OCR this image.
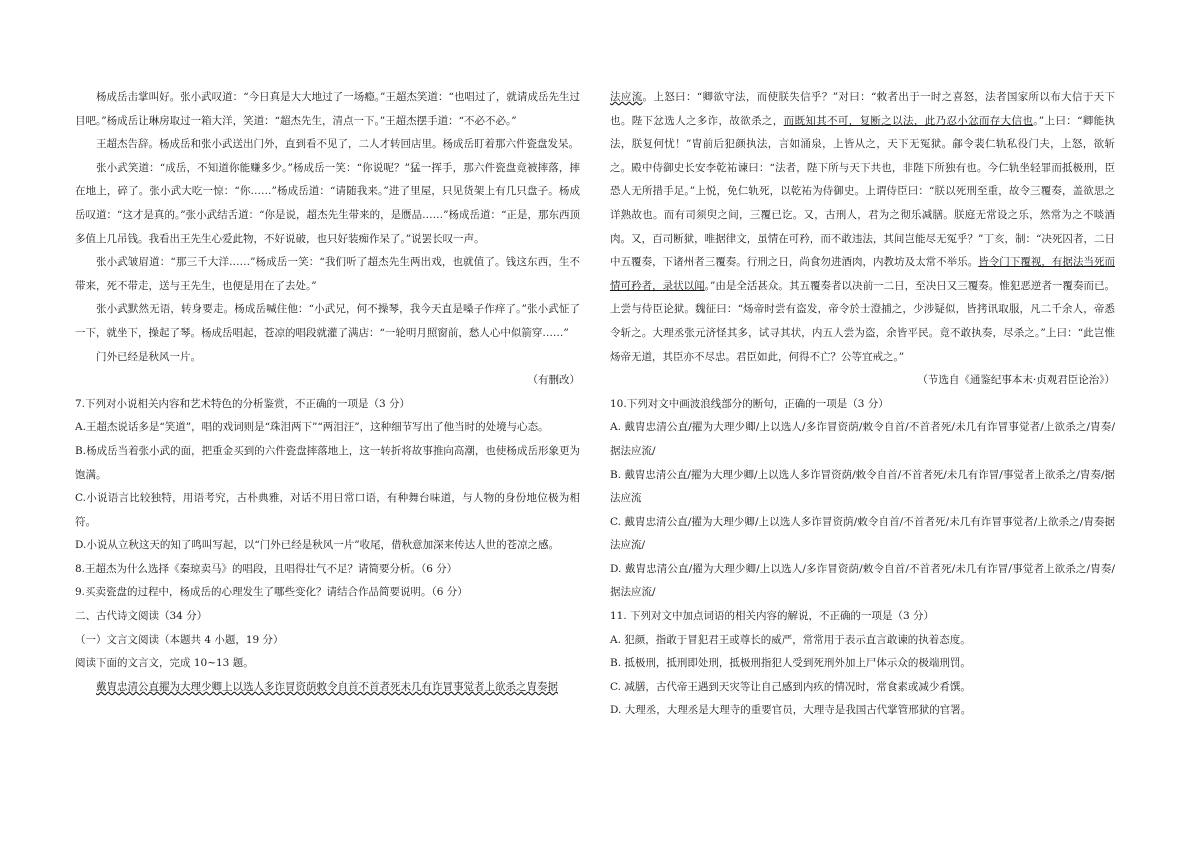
杨成岳击掌叫好。张小武叹道：“今日真是大大地过了一场瘾。”王超杰笑道：“也唱过了，就请成岳先生过目吧。”杨成岳让琳房取过一箱大洋，笑道：“超杰先生，清点一下。”王超杰摆手道：“不必不必。”

王超杰告辞。杨成岳和张小武送出门外，直到看不见了，二人才转回店里。杨成岳盯着那六件瓷盘发呆。

张小武笑道：“成岳，不知道你能赚多少。”杨成岳一笑：“你说呢？”猛一挥手，那六件瓷盘竟被摔落，摔在地上，碎了。张小武大吃一惊：“你……”杨成岳道：“请随我来。”进了里屋，只见货架上有几只盘子。杨成岳叹道：“这才是真的。”张小武结舌道：“你是说，超杰先生带来的，是赝品……”杨成岳道：“正是，那东西顶多值上几吊钱。我看出王先生心爱此物，不好说破，也只好装痴作呆了。”说罢长叹一声。

张小武皱眉道：“那三千大洋……”杨成岳一笑：“我们听了超杰先生两出戏，也就值了。钱这东西，生不带来，死不带走，送与王先生，也便是用在了去处。”

张小武默然无语，转身要走。杨成岳喊住他：“小武兄，何不操琴，我今天直是嗓子作痒了。”张小武怔了一下，就坐下，操起了琴。杨成岳唱起，苍凉的唱段就灌了满店：“一轮明月照窗前，愁人心中似箭穿……”

门外已经是秋风一片。

（有删改）

7.下列对小说相关内容和艺术特色的分析鉴赏，不正确的一项是（3 分）

A.王超杰说话多是“笑道”，唱的戏词则是“珠泪两下”“两泪汪”，这种细节写出了他当时的处境与心态。

B.杨成岳当着张小武的面，把重金买到的六件瓷盘摔落地上，这一转折将故事推向高潮，也使杨成岳形象更为饱满。

C.小说语言比较独特，用语考究，古朴典雅，对话不用日常口语，有种舞台味道，与人物的身份地位极为相符。

D.小说从立秋这天的知了鸣叫写起，以“门外已经是秋风一片”收尾，借秋意加深来传达人世的苍凉之感。

8.王超杰为什么选择《秦琼卖马》的唱段，且唱得壮气不足？请简要分析。（6 分）

9.买卖瓷盘的过程中，杨成岳的心理发生了哪些变化？请结合作品简要说明。（6 分）

二、古代诗文阅读（34 分）

（一）文言文阅读（本题共 4 小题，19 分）

阅读下面的文言文，完成 10~13 题。

戴胄忠清公直擢为大理少卿上以选人多诈冒资荫敕令自首不首者死未几有诈冒事觉者上欲杀之胄奏据

法应流。上怒曰：“卿欲守法，而使朕失信乎？”对曰：“敕者出于一时之喜怒，法者国家所以布大信于天下也。陛下忿选人之多诈，故欲杀之，而既知其不可，复断之以法，此乃忍小忿而存大信也。”上曰：“卿能执法，朕复何忧！”胄前后犯颜执法，言如涌泉，上皆从之，天下无冤狱。鄃令裴仁轨私役门夫，上怒，欲斩之。殿中侍御史长安李乾祐谏曰：“法者，陛下所与天下共也，非陛下所独有也。今仁轨坐轻罪而抵极刑，臣恐人无所措手足。”上悦，免仁轨死，以乾祐为侍御史。上谓侍臣曰：“朕以死刑至重，故令三覆奏，盖欲思之详熟故也。而有司须臾之间，三覆已讫。又，古刑人，君为之彻乐减膳。朕庭无常设之乐，然常为之不啖酒肉。又，百司断狱，唯据律文，虽情在可矜，而不敢违法，其间岂能尽无冤乎？”丁亥，制：“决死囚者，二日中五覆奏，下诸州者三覆奏。行刑之日，尚食勿进酒肉，内教坊及太常不举乐。皆令门下覆视，有据法当死而情可矜者，录状以闻。”由是全活甚众。其五覆奏者以决前一二日，至决日又三覆奏。惟犯恶逆者一覆奏而已。上尝与侍臣论狱。魏征曰：“炀帝时尝有盗发，帝令於士澄捕之，少涉疑似，皆拷讯取服，凡二千余人，帝悉令斩之。大理丞张元济怪其多，试寻其状，内五人尝为盗，余皆平民。竟不敢执奏，尽杀之。”上曰：“此岂惟炀帝无道，其臣亦不尽忠。君臣如此，何得不亡？公等宜戒之。”

（节选自《通鉴纪事本末·贞观君臣论治》）

10.下列对文中画波浪线部分的断句，正确的一项是（3 分）

A. 戴胄忠清公直/擢为大理少卿/上以选人/多诈冒资荫/敕令自首/不首者死/未几有诈冒事觉者/上欲杀之/胄奏/据法应流/

B. 戴胄忠清公直/擢为大理少卿/上以选人多诈冒资荫/敕令自首/不首者死/未几有诈冒/事觉者上欲杀之/胄奏/据法应流

C. 戴胄忠清公直/擢为大理少卿/上以选人多诈冒资荫/敕令自首/不首者死/未几有诈冒事觉者/上欲杀之/胄奏据法应流/

D. 戴胄忠清公直/擢为大理少卿/上以选人/多诈冒资荫/敕令自首/不首者死/未几有诈冒/事觉者上欲杀之/胄奏/据法应流/

11. 下列对文中加点词语的相关内容的解说，不正确的一项是（3 分）

A. 犯颜，指敢于冒犯君王或尊长的威严，常常用于表示直言敢谏的执着态度。

B. 抵极刑，抵刑即处刑，抵极刑指犯人受到死刑外加上尸体示众的极端刑罚。

C. 减膳，古代帝王遇到天灾等让自己感到内疚的情况时，常食素或减少肴馔。

D. 大理丞，大理丞是大理寺的重要官员，大理寺是我国古代掌管邢狱的官署。
